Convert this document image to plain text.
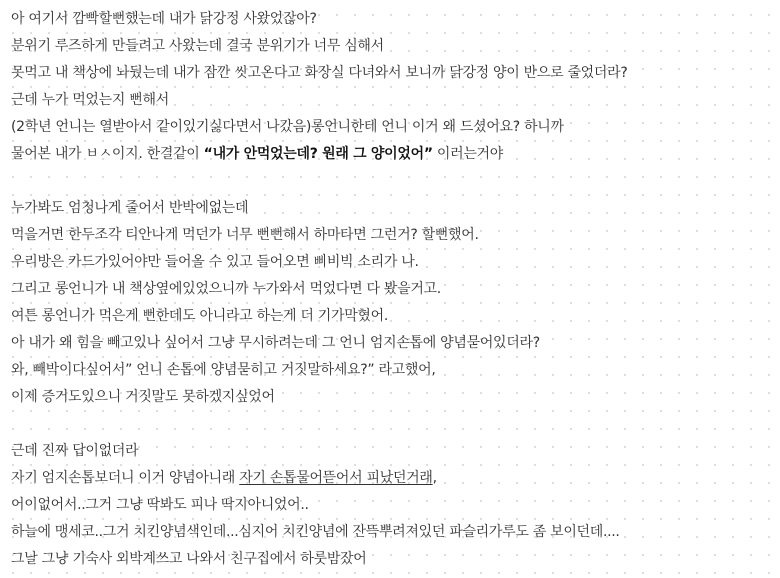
아 여기서 깜빡할뻔했는데 내가 닭강정 사왔었잖아?
분위기 루즈하게 만들려고 사왔는데 결국 분위기가 너무 심해서
못먹고 내 책상에 놔뒀는데 내가 잠깐 씻고온다고 화장실 다녀와서 보니까 닭강정 양이 반으로 줄었더라?
근데 누가 먹었는지 뻔해서
(2학년 언니는 열받아서 같이있기싫다면서 나갔음)롱언니한테 언니 이거 왜 드셨어요? 하니까
물어본 내가 ㅂㅅ이지. 한결같이 “내가 안먹었는데? 원래 그 양이었어” 이러는거야
누가봐도 엄청나게 줄어서 반박에없는데
먹을거면 한두조각 티안나게 먹던가 너무 뻔뻔해서 하마타면 그런거? 할뻔했어.
우리방은 카드가있어야만 들어올 수 있고 들어오면 삐비빅 소리가 나.
그리고 롱언니가 내 책상옆에있었으니까 누가와서 먹었다면 다 봤을거고.
여튼 롱언니가 먹은게 뻔한데도 아니라고 하는게 더 기가막혔어.
아 내가 왜 힘을 빼고있나 싶어서 그냥 무시하려는데 그 언니 엄지손톱에 양념묻어있더라?
와, 빼박이다싶어서” 언니 손톱에 양념묻히고 거짓말하세요?” 라고했어,
이제 증거도있으니 거짓말도 못하겠지싶었어
근데 진짜 답이없더라
자기 엄지손톱보더니 이거 양념아니래 자기 손톱물어뜯어서 피났던거래,
어이없어서..그거 그냥 딱봐도 피나 딱지아니었어..
하늘에 맹세코..그거 치킨양념색인데...심지어 치킨양념에 잔뜩뿌려져있던 파슬리가루도 좀 보이던데....
그날 그냥 기숙사 외박계쓰고 나와서 친구집에서 하룻밤잤어
